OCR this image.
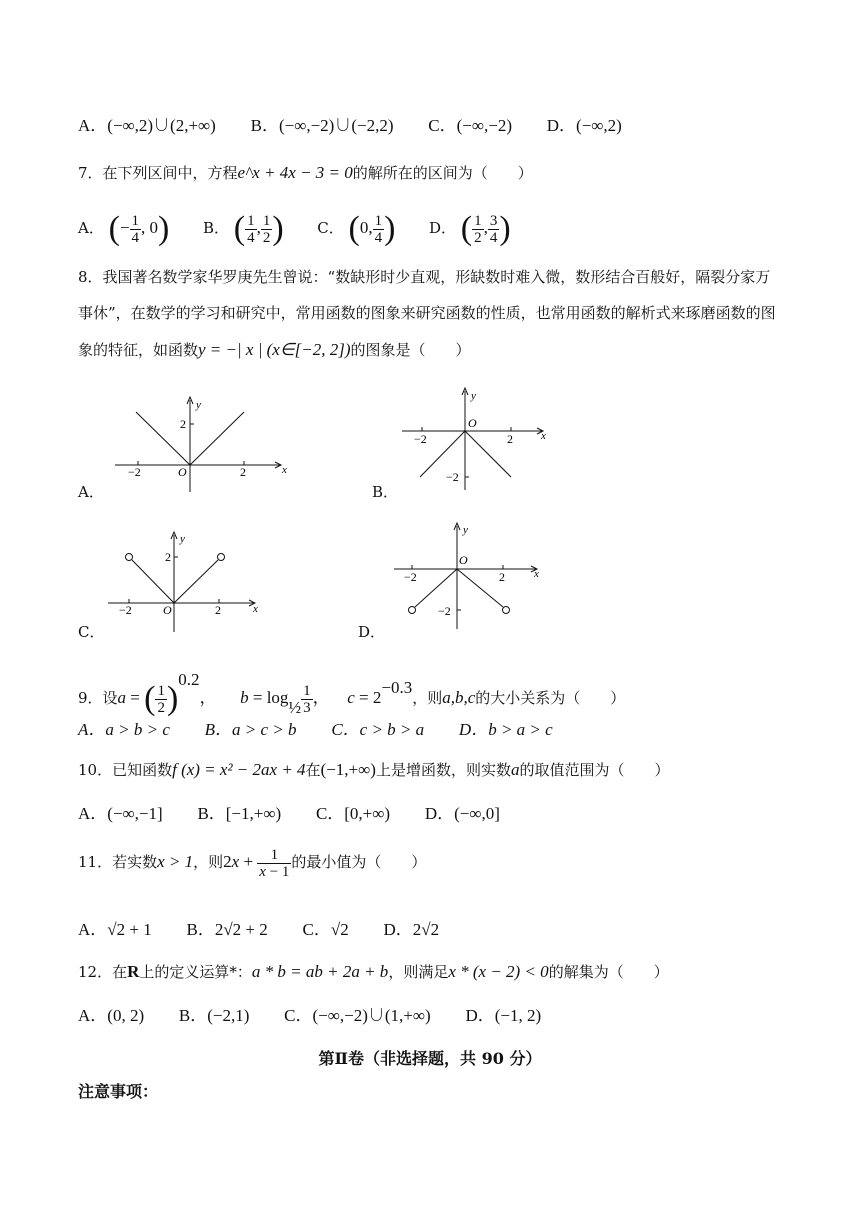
A．(−∞,2)∪(2,+∞) B．(−∞,−2)∪(−2,2) C．(−∞,−2) D．(−∞,2)
7．在下列区间中，方程e^x + 4x − 3 = 0的解所在的区间为（　　）
A． (− $\frac{1}{4}$ , 0) B． ( $\frac{1}{4}$ , $\frac{1}{2}$ ) C． (0, $\frac{1}{4}$ ) D． ( $\frac{1}{2}$ , $\frac{3}{4}$ )
8．我国著名数学家华罗庚先生曾说：“数缺形时少直观，形缺数时难入微，数形结合百般好，隔裂分家万
事休”，在数学的学习和研究中，常用函数的图象来研究函数的性质，也常用函数的解析式来琢磨函数的图
象的特征，如函数y = −| x | (x∈[−2, 2])的图象是（　　）
A．
y
x
O
2
−2	2
B．
y
x
O
−2
−2	2
C．
y
x
O
2
−2	2
D．
y
x
O
−2
−2	2
9．设a = ( $\frac{1}{2} )^{0.2}$， $b = \log_{\frac{1}{2}} \frac{1}{3}$ ， $c = 2^{-0.3}$，则a,b,c的大小关系为（　　）
A．a > b > c B．a > c > b C．c > b > a D．b > a > c
10．已知函数f (x) = x² − 2ax + 4在(−1,+∞)上是增函数，则实数a的取值范围为（　　）
A．(−∞,−1] B．[−1,+∞) C．[0,+∞) D．(−∞,0]
11．若实数x > 1，则$2x + \frac{1}{x - 1}$ 的最小值为（　　）
A．√2 + 1 B．2√2 + 2 C．√2 D．2√2
12．在R上的定义运算*：a * b = ab + 2a + b，则满足x * (x − 2) < 0的解集为（　　）
A．(0, 2) B．(−2,1) C．(−∞,−2)∪(1,+∞) D．(−1, 2)
第Ⅱ卷（非选择题，共 90 分）
注意事项：
